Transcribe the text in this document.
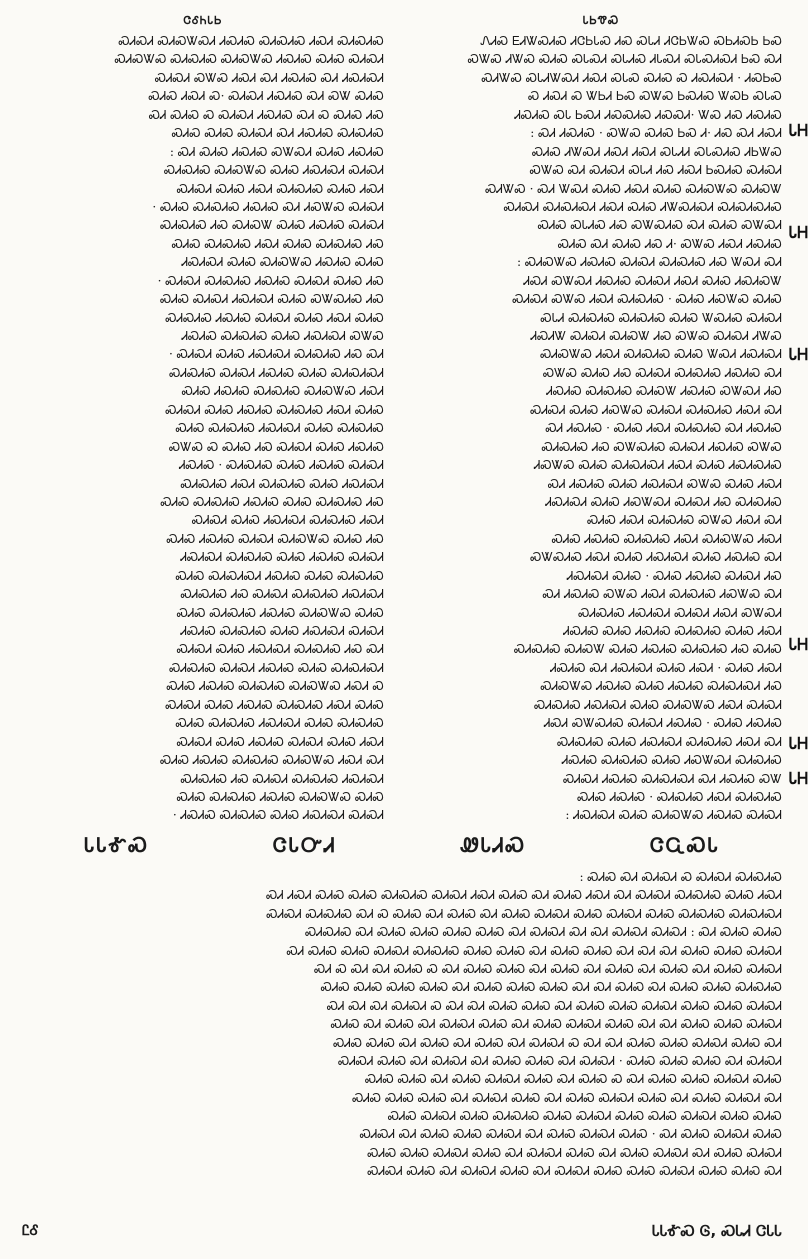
ᏓᏏᏡᏍ
ᏁᏗᏍ ᎬᏗᏔᏍᏗᏍ ᏗᏣᏏᏓᏍ ᏗᏍ ᏍᏓᏗ ᏗᏣᏏᏔᏍ ᏍᏏᏗᏍᏏ ᏏᏍ
ᏍᏔᏍ ᏗᏔᏍ ᏍᏗᏍ ᏍᏓᏍᏗ ᏍᏓᏗᏍ ᏗᏓᏍᏗ ᏍᏓᏍᏗᏍᏗ ᏏᏍ ᏍᏗ
ᏍᏗᏔᏍ ᏍᏓᏗᏔᏍᏗ ᏗᏍᏗ ᏍᏓᏍ ᏍᏗᏍ Ꮝ ᏗᏍᏗᏍᏗ · ᏗᏍᏏᏍ
Ꮝ ᏗᏍᏗ Ꮝ ᏔᏏᏗ ᏏᏍ ᏍᏔᏍ ᏏᏍᏗᏍ ᏔᏍᏏ ᏍᏓᏍ
ᏗᏍᏗᏍ ᏍᏓ ᏏᏍᏗ ᏗᏍᏍᏗᏍ ᏗᏍᏍᏗ· ᏔᏍ ᏗᏍ ᏗᏍᏗᏍ
ᏍᏗ ᏗᏍᏗᏍ · ᏍᏔᏍ ᏍᏗᏍ ᏏᏍ Ꮧ· ᏗᏍ ᏍᏗ ᏗᏍᏗ :
ᏍᏗᏍ ᏗᏔᏍᏗ ᏗᏍᏗ ᏗᏍᏗ ᏍᏓᏗᏗ ᏍᏓᏍᏗᏍ ᏗᏏᏔᏍ
ᏍᏔᏍ ᏍᏗ ᏍᏗᏍᏗ ᏍᏓᏗ ᏗᏍ ᏗᏍᏗ ᏏᏍᏗᏍ ᏍᏗᏍᏗ
ᏍᏗᏔᏍ · ᏍᏗ ᏔᏍᏗ ᏍᏗᏍ ᏗᏍᏗ ᏍᏗᏍ ᏍᏗᏍᏔᏍ ᏍᏗᏍᏔ
ᏍᏗᏍᏗ ᏍᏗᏍᏗᏍᏗ ᏗᏍᏗ ᏍᏗᏍ ᏗᏔᏍᏗᏍᏗ ᏍᏗᏍᏗᏍᏗᏍ
ᏍᏗᏍ ᏍᏓᏗᏍ ᏗᏍ ᏍᏔᏍᏗᏍ ᏍᏗ ᏍᏗᏍ ᏍᏔᏍᏗ
ᏍᏗᏍ ᏍᏗ ᏍᏗᏍ ᏗᏍ Ꮧ· ᏍᏔᏍ ᏗᏍᏗ ᏗᏍᏗᏍ
ᏍᏗᏍᏔᏍ ᏗᏍᏗᏍ ᏍᏗᏍᏗ ᏍᏗᏍᏗᏍ ᏗᏍ ᏔᏍᏗ ᏍᏗ :
ᏗᏍᏗ ᏍᏔᏍᏗ ᏗᏍᏗᏍ ᏍᏗᏍᏗ ᏗᏍᏗ ᏍᏗᏍ ᏗᏍᏗᏍᏔ
ᏍᏗᏍᏗ ᏍᏔᏍ ᏗᏍᏗ ᏍᏗᏍᏗᏍ · ᏍᏗᏍ ᏗᏍᏔᏍ ᏍᏗᏍ
ᏍᏓᏗ ᏍᏗᏍᏗᏍ ᏍᏗᏍᏗᏍ ᏍᏗᏍ ᏔᏍᏗᏍ ᏍᏗᏍᏗ
ᏗᏍᏗᏔ ᏍᏗᏍᏗ ᏍᏗᏍᏔ ᏗᏍ ᏍᏔᏍ ᏍᏗᏍᏗ ᏗᏔᏍ
ᏍᏗᏍᏔᏍ ᏗᏍᏗ ᏍᏗᏍᏗᏍ ᏍᏗᏍ ᏔᏍᏗ ᏗᏍᏗᏍᏗ
ᏍᏔᏍ ᏍᏗᏍ ᏗᏍ ᏍᏗᏍᏗ ᏍᏗᏍᏗᏍ ᏗᏍᏗᏍ ᏍᏗ
ᏗᏍᏗᏍ ᏍᏗᏍᏗᏍ ᏍᏗᏍᏔ ᏗᏍᏗᏍ ᏍᏔᏍᏗ ᏗᏍ
ᏍᏗᏍᏗ ᏍᏗᏍ ᏗᏍᏔᏍ ᏍᏗᏍᏗ ᏍᏗᏍᏗᏍ ᏗᏍᏗ ᏍᏗ
ᏍᏗ ᏗᏍᏗᏍ · ᏍᏗᏍ ᏗᏍᏗ ᏍᏗᏍᏗᏍ ᏍᏗ ᏗᏍᏗᏍ
ᏍᏗᏍᏗᏍ ᏗᏍ ᏍᏔᏍᏗᏍ ᏍᏗᏍᏗ ᏗᏍᏗᏍ ᏍᏔᏍ
ᏗᏍᏔᏍ ᏍᏗᏍ ᏍᏗᏍᏗᏍᏗ ᏗᏍᏗ ᏍᏗᏍ ᏗᏍᏗᏍᏗᏍ
ᏍᏗ ᏗᏍᏗᏍ ᏍᏗᏍ ᏗᏍᏗᏍᏗ ᏍᏔᏍ ᏍᏗᏍ ᏗᏍᏗ
ᏗᏍᏗᏍᏗ ᏍᏗᏍ ᏗᏍᏔᏍᏗ ᏍᏗᏍᏗ ᏗᏍ ᏍᏗᏍᏗᏍ
ᏍᏗᏍ ᏗᏍᏗ ᏍᏗᏍᏗᏍ ᏍᏔᏍ ᏗᏍᏗ ᏍᏗ
ᏍᏗᏍ ᏗᏍᏗᏍ ᏍᏗᏍᏗᏍ ᏗᏍᏗ ᏍᏗᏍᏔᏍ ᏗᏍᏗ
ᏍᏔᏍᏗᏍ ᏗᏍᏗ ᏍᏗᏍ ᏗᏍᏗᏍᏗ ᏍᏗᏍ ᏗᏍᏗᏍ ᏍᏗ
ᏗᏍᏗᏍᏗ ᏍᏗᏍ · ᏍᏗᏍ ᏗᏍᏗᏍ ᏍᏗᏍᏗ ᏗᏍ
ᏍᏗ ᏗᏍᏗᏍ ᏍᏔᏍ ᏗᏍᏗ ᏍᏗᏍᏗᏍ ᏗᏍᏔᏍ ᏍᏗ
ᏍᏗᏍᏗᏍ ᏗᏍᏗᏍᏗ ᏍᏗᏍᏗ ᏗᏍᏗ ᏍᏔᏍᏗ
ᏗᏍᏗᏍ ᏍᏗᏍ ᏗᏍᏗᏍ ᏍᏗᏍᏗᏍ ᏍᏗᏍ ᏗᏍᏗ
ᏍᏗᏍᏗᏍ ᏍᏗᏍᏔ ᏍᏗᏍ ᏗᏍᏗᏍ ᏍᏗᏍᏗᏍ ᏗᏍ ᏍᏗᏍ
ᏗᏍᏗᏍ ᏍᏗ ᏗᏍᏗᏍᏗ ᏍᏗᏍ ᏗᏍᏗ · ᏍᏗᏍ ᏗᏍᏗ
ᏍᏗᏍᏔᏍ ᏗᏍᏗᏍ ᏍᏗᏍ ᏗᏍᏗᏍ ᏍᏗᏍᏗᏍᏗ ᏗᏍ
ᏍᏗᏍᏗᏍ ᏗᏍᏗᏍᏗ ᏍᏗᏍ ᏍᏗᏍᏔᏍ ᏗᏍᏗ ᏍᏗᏍᏗ
ᏗᏍᏗ ᏍᏔᏍᏗᏍ ᏍᏗᏍᏗ ᏗᏍᏗᏍ · ᏍᏗᏍ ᏗᏍᏗᏍ
ᏍᏗᏍᏗᏍ ᏍᏗᏍ ᏗᏍᏗᏍᏗ ᏍᏗᏍᏗᏍ ᏗᏍᏗ ᏍᏗ
ᏗᏍᏗᏍ ᏍᏗᏍᏗᏍ ᏍᏗᏍ ᏗᏍᏔᏍᏗ ᏍᏗᏍᏗᏍ
ᏍᏗᏍᏗ ᏗᏍᏗᏍ ᏍᏗᏍᏗᏍᏗ ᏍᏗ ᏗᏍᏗᏍ ᏍᏔ
ᏍᏗᏍ ᏗᏍᏗᏍ · ᏍᏗᏍᏗᏍ ᏗᏍᏗ ᏍᏗᏍᏗᏍ
ᏗᏍᏗᏍᏗ ᏍᏗᏍ ᏍᏗᏍᏔᏍ ᏗᏍᏗᏍ ᏍᏗᏍᏗ :
ᏓᎻ
ᏓᎻ
ᏓᎻ
ᏓᎻ
ᏓᎻ
ᏓᎻ
ᏣᎴᏂᏓᏏ
ᏍᏗᏍᏗ ᏍᏗᏍᏔᏍᏗ ᏗᏍᏗᏍ ᏍᏗᏍᏗᏍ ᏗᏍᏗ ᏍᏗᏍᏗᏍ
ᏍᏗᏍᏔᏍ ᏍᏗᏍᏗᏍ ᏍᏗᏍᏔᏍ ᏗᏍᏗᏍ ᏍᏗᏍ ᏍᏗᏍᏗ
ᏍᏗᏍᏗ ᏍᏔᏍ ᏗᏍᏗ ᏍᏗ ᏗᏍᏗᏍ ᏍᏗ ᏗᏍᏗᏍᏗ
ᏍᏗᏍ ᏗᏍᏗ Ꮝ· ᏍᏗᏍᏗ ᏗᏍᏗᏍ ᏍᏗ ᏍᏔ ᏍᏗᏍ
ᏍᏗ ᏍᏗᏍ Ꮝ ᏍᏗᏍᏗ ᏗᏍᏗᏍ ᏍᏗ Ꮝ ᏍᏗᏍ ᏗᏍ
ᏍᏗᏍ ᏍᏗᏍ ᏍᏗᏍᏗ ᏍᏗ ᏗᏍᏗᏍ ᏍᏗᏍᏗᏍ
ᏍᏗ ᏍᏗᏍ ᏗᏍᏗᏍ ᏍᏔᏍᏗ ᏍᏗᏍ ᏗᏍᏗᏍ :
ᏍᏗᏍᏗᏍ ᏍᏗᏍᏔᏍ ᏍᏗᏍ ᏗᏍᏗᏍᏗ ᏍᏗᏍᏗ
ᏍᏗᏍᏗ ᏍᏗᏍ ᏗᏍᏗ ᏍᏗᏍᏗᏍ ᏍᏗᏍ ᏗᏍᏗ
ᏍᏗᏍ ᏍᏗᏍᏗᏍ ᏗᏍᏗᏍ ᏍᏗ ᏗᏍᏔᏍ ᏍᏗᏍᏗ ·
ᏍᏗᏍᏗᏍ ᏗᏍ ᏍᏗᏍᏔ ᏍᏗᏍ ᏗᏍᏗᏍ ᏍᏗᏍᏗ
ᏍᏗᏍ ᏍᏗᏍᏗᏍ ᏗᏍᏗ ᏍᏗᏍ ᏍᏗᏍᏗᏍ ᏗᏍ
ᏗᏍᏗᏍᏗ ᏍᏗᏍ ᏍᏗᏍᏔᏍ ᏗᏍᏗᏍ ᏍᏗᏍ
ᏍᏗᏍᏗ ᏍᏗᏍᏗᏍ ᏗᏍᏗᏍ ᏍᏗᏍᏗ ᏍᏗᏍ ᏗᏍ ·
ᏍᏗᏍ ᏍᏗᏍᏗ ᏗᏍᏗᏍᏗ ᏍᏗᏍ ᏍᏔᏍᏗᏍ ᏗᏍ
ᏍᏗᏍᏗᏍ ᏗᏍᏗᏍ ᏍᏗᏍᏗ ᏍᏗᏍ ᏗᏍᏗ ᏍᏗᏍ
ᏗᏍᏗᏍ ᏍᏗᏍᏗᏍ ᏍᏗᏍ ᏗᏍᏗᏍᏗ ᏍᏔᏍ
ᏍᏗᏍᏗ ᏍᏗᏍ ᏗᏍᏗᏍᏗ ᏍᏗᏍᏗᏍ ᏗᏍ ᏍᏗ ·
ᏍᏗᏍᏗᏍ ᏍᏗᏍᏗ ᏗᏍᏗᏍ ᏍᏗᏍ ᏍᏗᏍᏗᏍᏗ
ᏍᏗᏍ ᏗᏍᏗᏍ ᏍᏗᏍᏗᏍ ᏍᏗᏍᏔᏍ ᏗᏍᏗ
ᏍᏗᏍᏗ ᏍᏗᏍ ᏗᏍᏗᏍ ᏍᏗᏍᏗᏍ ᏗᏍᏗ ᏍᏗᏍ
ᏍᏗᏍ ᏍᏗᏍᏗᏍ ᏗᏍᏗᏍᏗ ᏍᏗᏍ ᏍᏗᏍᏗᏍ
ᏍᏔᏍ Ꮝ ᏍᏗᏍ ᏗᏍ ᏍᏗᏍᏗ ᏍᏗᏍ ᏗᏍᏗᏍ
ᏗᏍᏗᏍ · ᏍᏗᏍᏗᏍ ᏍᏗᏍ ᏗᏍᏗᏍ ᏍᏗᏍᏗ
ᏍᏗᏍᏗᏍ ᏗᏍᏗ ᏍᏗᏍᏗᏍ ᏍᏗᏍ ᏗᏍᏗᏍᏗ
ᏍᏗᏍ ᏍᏗᏍᏗᏍ ᏗᏍᏗᏍ ᏍᏗᏍ ᏍᏗᏍᏗᏍ ᏗᏍ
ᏍᏗᏍᏗ ᏍᏗᏍ ᏗᏍᏗᏍᏗ ᏍᏗᏍᏗᏍ ᏗᏍᏗ
ᏍᏗᏍ ᏗᏍᏗᏍ ᏍᏗᏍᏗ ᏍᏗᏍᏔᏍ ᏍᏗᏍ ᏗᏍ
ᏗᏍᏗᏍᏗ ᏍᏗᏍᏗᏍ ᏍᏗᏍ ᏗᏍᏗᏍ ᏍᏗᏍᏗ
ᏍᏗᏍ ᏍᏗᏍᏗᏍᏗ ᏗᏍᏗᏍ ᏍᏗᏍ ᏍᏗᏍᏗᏍ
ᏍᏗᏍᏗᏍ ᏗᏍ ᏍᏗᏍᏗ ᏍᏗᏍᏗᏍ ᏗᏍᏗᏍᏗ
ᏍᏗᏍ ᏍᏗᏍᏗᏍ ᏗᏍᏗᏍ ᏍᏗᏍᏔᏍ ᏍᏗᏍ
ᏗᏍᏗᏍ ᏍᏗᏍᏗᏍ ᏍᏗᏍ ᏗᏍᏗᏍᏗ ᏍᏗᏍᏗ
ᏍᏗᏍᏗ ᏍᏗᏍ ᏗᏍᏗᏍᏗ ᏍᏗᏍᏗᏍ ᏗᏍ ᏍᏗ
ᏍᏗᏍᏗᏍ ᏍᏗᏍᏗ ᏗᏍᏗᏍ ᏍᏗᏍ ᏍᏗᏍᏗᏍᏗ
ᏍᏗᏍ ᏗᏍᏗᏍ ᏍᏗᏍᏗᏍ ᏍᏗᏍᏔᏍ ᏗᏍᏗ Ꮝ
ᏍᏗᏍᏗ ᏍᏗᏍ ᏗᏍᏗᏍ ᏍᏗᏍᏗᏍ ᏗᏍᏗ ᏍᏗᏍ
ᏍᏗᏍ ᏍᏗᏍᏗᏍ ᏗᏍᏗᏍᏗ ᏍᏗᏍ ᏍᏗᏍᏗᏍ
ᏍᏗᏍᏗ ᏍᏗᏍ ᏗᏍᏗᏍ ᏍᏗᏍᏗ ᏍᏗᏍ ᏗᏍᏗ
ᏍᏗᏍ ᏗᏍᏗᏍ ᏍᏗᏍᏗᏍ ᏍᏗᏍᏔᏍ ᏗᏍᏗ ᏍᏗ
ᏍᏗᏍᏗᏍ ᏗᏍ ᏍᏗᏍᏗ ᏍᏗᏍᏗᏍ ᏗᏍᏗᏍᏗ
ᏍᏗᏍ ᏍᏗᏍᏗᏍ ᏗᏍᏗᏍ ᏍᏗᏍᏔᏍ ᏍᏗᏍ
ᏗᏍᏗᏍ ᏍᏗᏍᏗᏍ ᏍᏗᏍ ᏗᏍᏗᏍᏗ ᏍᏗᏍᏗ ·
ᏣᏩᏍᏓ
ᏪᏓᏗᏍ
ᏣᏓᏅᏗ
ᏓᏓᎹᏍ
ᏍᏗᏍ ᏍᏗ ᏍᏗᏍᏗ Ꮝ ᏍᏗᏍᏗ ᏍᏗᏍᏗᏍ :
ᏍᏗ ᏗᏍᏗ ᏍᏗᏍ ᏍᏗᏍ ᏍᏗᏍᏗᏍ ᏍᏗᏍᏗ ᏗᏍᏗ ᏍᏗᏍ ᏍᏗ ᏍᏗᏍ ᏗᏍᏗ ᏍᏗ ᏍᏗᏍᏗ ᏍᏗᏍᏗᏍ ᏍᏗᏍ ᏗᏍᏗ
ᏍᏗᏍᏗ ᏍᏗᏍᏗᏍ ᏍᏗ Ꮝ ᏍᏗᏍ ᏍᏗ ᏍᏗᏍ ᏍᏗ ᏍᏗᏍ ᏍᏗᏍᏗ ᏍᏗᏍ ᏍᏗᏍᏗ ᏍᏗᏍ ᏍᏗᏍᏗᏍ ᏍᏗᏍᏗᏍᏗ
ᏍᏗᏍᏗᏍ ᏍᏗ ᏍᏗᏍ ᏍᏗᏍ ᏍᏗᏍ ᏍᏗᏍ ᏍᏗ ᏍᏗᏍᏗ ᏍᏗ ᏍᏗ ᏍᏗᏍᏗ ᏍᏗᏍᏗ : ᏍᏗ ᏍᏗᏍ ᏍᏗᏍ
ᏍᏗ ᏍᏗᏍ ᏍᏗᏍ ᏍᏗᏍᏗ ᏍᏗᏍᏗᏍ ᏍᏗᏍ ᏍᏗᏍ ᏍᏗ ᏍᏗᏍ ᏍᏗᏍ ᏍᏗ ᏍᏗ ᏍᏗ ᏍᏗᏍ ᏍᏗᏍ ᏍᏗᏍᏗ
ᏍᏗ Ꮝ ᏍᏗ ᏍᏗ ᏍᏗᏍ Ꮝ ᏍᏗ ᏍᏗᏍ ᏍᏗᏍ ᏍᏗ ᏍᏗᏍ ᏍᏗ ᏍᏗᏍ ᏍᏗ ᏍᏗᏍ ᏍᏗ ᏍᏗᏍ ᏍᏗᏍᏗ
ᏍᏗᏍ ᏍᏗᏍ ᏍᏗᏍ ᏍᏗᏍ ᏍᏗ ᏍᏗᏍ ᏍᏗᏍ ᏍᏗᏍ ᏍᏗ ᏍᏗ ᏍᏗᏍ ᏍᏗ ᏍᏗᏍ ᏍᏗᏍ ᏍᏗᏍᏗᏍ
ᏍᏗ ᏍᏗ ᏍᏗ ᏍᏗᏍᏗ Ꮝ ᏍᏗ ᏍᏗ ᏍᏗᏍ ᏍᏗᏍ ᏍᏗ ᏍᏗᏍ ᏍᏗᏍ ᏍᏗᏍᏗ ᏍᏗᏍ ᏍᏗᏍ ᏍᏗᏍᏗ
ᏍᏗᏍ ᏍᏗ ᏍᏗᏍ ᏍᏗ ᏍᏗᏍᏗ ᏍᏗᏍ ᏍᏗ ᏍᏗᏍ ᏍᏗᏍᏗ ᏍᏗᏍ ᏍᏗ ᏍᏗ ᏍᏗᏍ ᏍᏗᏍ ᏍᏗᏍᏗ
ᏍᏗᏍ ᏍᏗᏍ ᏍᏗ ᏍᏗᏍ ᏍᏗ ᏍᏗᏍ ᏍᏗ ᏍᏗᏍᏗ Ꮝ ᏍᏗ ᏍᏗ ᏍᏗᏍ ᏍᏗᏍ ᏍᏗᏍᏗ ᏍᏗᏍ ᏍᏗ
ᏍᏗᏍᏗ ᏍᏗᏍ ᏍᏗ ᏍᏗᏍᏗ ᏍᏗ ᏍᏗᏍ ᏍᏗᏍ ᏍᏗ ᏍᏗᏍᏗ · ᏍᏗᏍ ᏍᏗᏍ ᏍᏗᏍ ᏍᏗ ᏍᏗᏍᏗ
ᏍᏗᏍ ᏍᏗᏍ ᏍᏗ ᏍᏗᏍ ᏍᏗᏍᏗ ᏍᏗᏍ ᏍᏗ ᏍᏗᏍ Ꮝ ᏍᏗ ᏍᏗᏍ ᏍᏗᏍ ᏍᏗᏍᏗ ᏍᏗᏍ
ᏍᏗᏍ ᏍᏗᏍ ᏍᏗᏍ ᏍᏗ ᏍᏗᏍᏗ ᏍᏗᏍ ᏍᏗ ᏍᏗᏍ ᏍᏗᏍᏗ ᏍᏗᏍ ᏍᏗ ᏍᏗᏍ ᏍᏗᏍᏗ ᏍᏗ
ᏍᏗᏍ ᏍᏗᏍᏗ ᏍᏗᏍ ᏍᏗᏍᏗᏍ ᏍᏗᏍ ᏍᏗᏍᏗ ᏍᏗᏍ ᏍᏗᏍ ᏍᏗᏍᏗ ᏍᏗᏍ ᏍᏗᏍ
ᏍᏗᏍᏗ ᏍᏗ ᏍᏗᏍ ᏍᏗᏍ ᏍᏗᏍᏗ ᏍᏗ ᏍᏗᏍ ᏍᏗᏍᏗ ᏍᏗᏍ · ᏍᏗ ᏍᏗᏍ ᏍᏗᏍᏗ ᏍᏗᏍ
ᏍᏗᏍ ᏍᏗᏍ ᏍᏗᏍᏗ ᏍᏗᏍ ᏍᏗ ᏍᏗᏍᏗ ᏍᏗᏍ ᏍᏗ ᏍᏗᏍ ᏍᏗᏍᏗ ᏍᏗ ᏍᏗᏍ ᏍᏗᏍᏗ
ᏍᏗᏍᏗ ᏍᏗᏍ ᏍᏗ ᏍᏗᏍᏗ ᏍᏗᏍ ᏍᏗ ᏍᏗᏍᏗ ᏍᏗᏍ ᏍᏗᏍ ᏍᏗᏍᏗ ᏍᏗᏍ ᏍᏗᏍ ᏍᏗ
ᏓᏓᎹᏍ Ꮆ, ᏍᏓᏗ ᏣᏓᏓ
ᏝᎴ
